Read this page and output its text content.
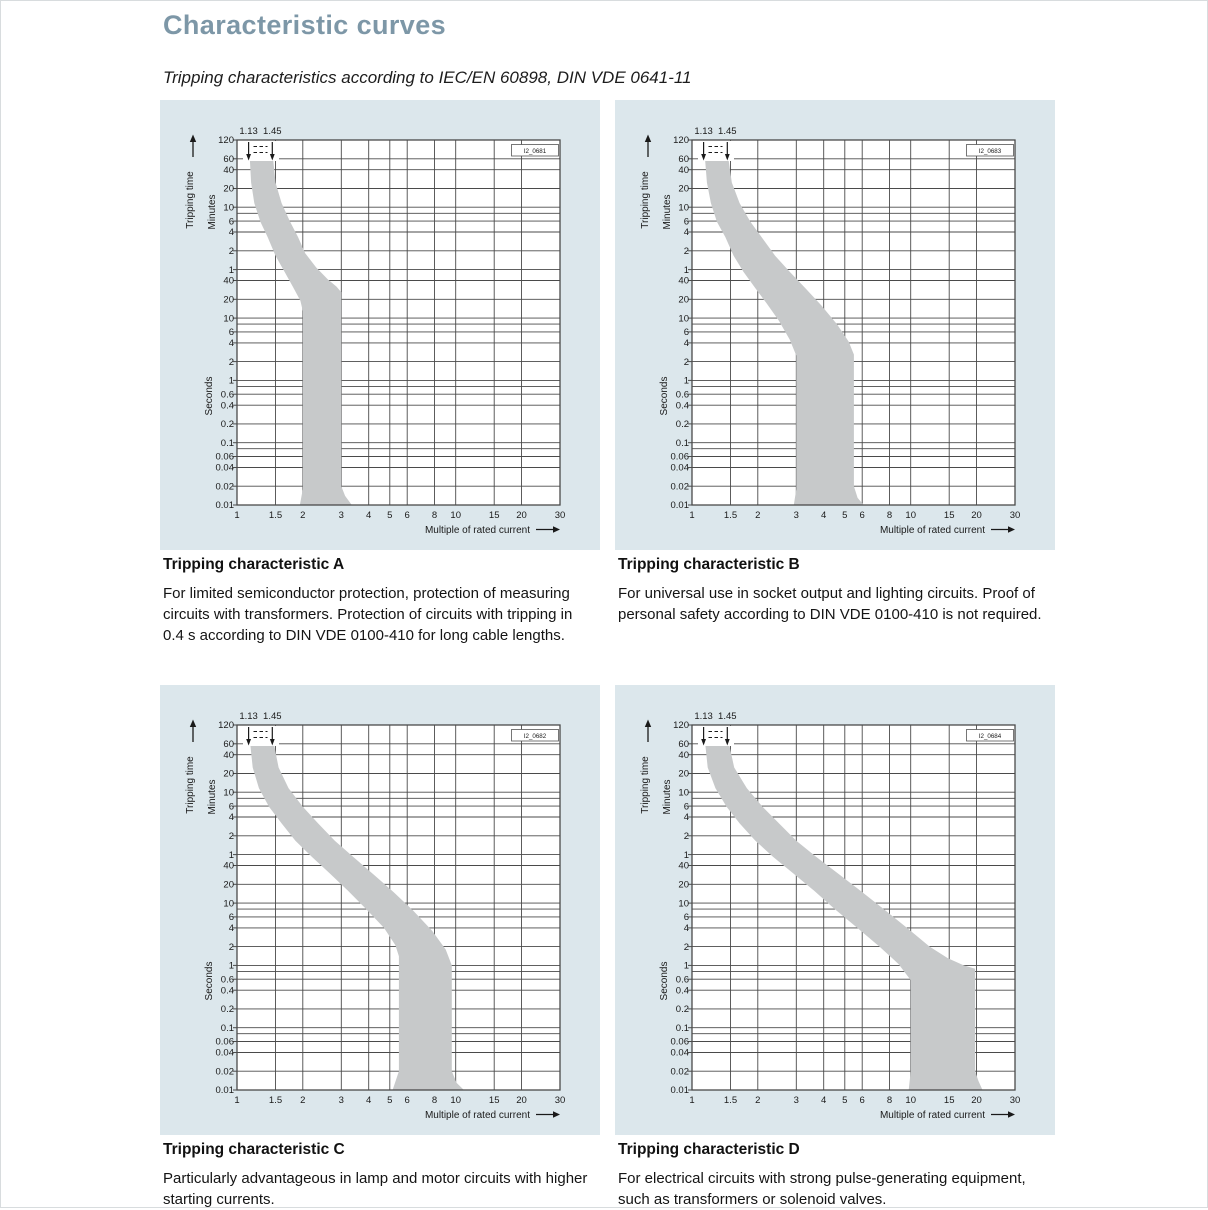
Characteristic curves

Tripping characteristics according to IEC/EN 60898, DIN VDE 0641-11

1.13 1.45
I2_0681
120
60
40
20
10
6
4
2
1
40
20
10
6
4
2
1
0.6
0.4
0.2
0.1
0.06
0.04
0.02
0.01
1	1.5 2	3 4 5 6 8 10	15 20	30
Multiple of rated current
Tripping time Minutes
Seconds
1.13 1.45
I2_0683
120
60
40
20
10
6
4
2
1
40
20
10
6
4
2
1
0.6
0.4
0.2
0.1
0.06
0.04
0.02
0.01
1	1.5 2	3 4 5 6 8 10	15 20	30
Multiple of rated current
Tripping time Minutes
Seconds
1.13 1.45
I2_0682
120
60
40
20
10
6
4
2
1
40
20
10
6
4
2
1
0.6
0.4
0.2
0.1
0.06
0.04
0.02
0.01
1	1.5 2	3 4 5 6 8 10	15 20	30
Multiple of rated current
Tripping time Minutes
Seconds
1.13 1.45
I2_0684
120
60
40
20
10
6
4
2
1
40
20
10
6
4
2
1
0.6
0.4
0.2
0.1
0.06
0.04
0.02
0.01
1	1.5 2	3 4 5 6 8 10	15 20	30
Multiple of rated current
Tripping time Minutes
Seconds
Tripping characteristic A	Tripping characteristic B
Tripping characteristic C	Tripping characteristic D

For limited semiconductor protection, protection of measuring circuits with transformers. Protection of circuits with tripping in 0.4 s according to DIN VDE 0100-410 for long cable lengths.

For universal use in socket output and lighting circuits. Proof of personal safety according to DIN VDE 0100-410 is not required.

Particularly advantageous in lamp and motor circuits with higher starting currents.

For electrical circuits with strong pulse-generating equipment, such as transformers or solenoid valves.
